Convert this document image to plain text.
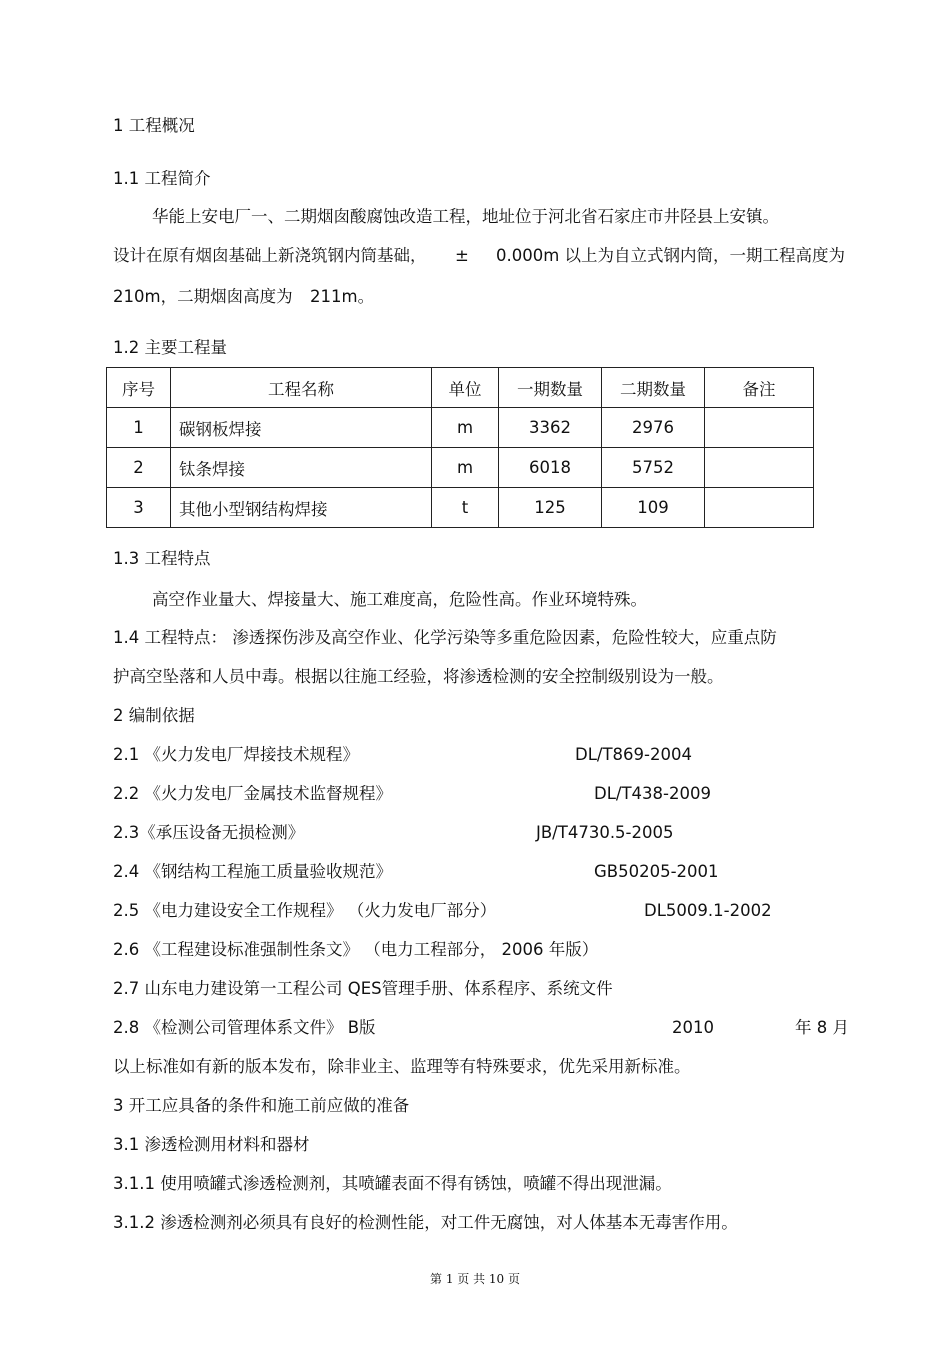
1 工程概况
1.1 工程简介
华能上安电厂一、二期烟囱酸腐蚀改造工程，地址位于河北省石家庄市井陉县上安镇。
设计在原有烟囱基础上新浇筑钢内筒基础， ± 0.000m 以上为自立式钢内筒，一期工程高度为
210m，二期烟囱高度为 211m。
1.2 主要工程量
序号	工程名称	单位	一期数量	二期数量	备注
1	碳钢板焊接	m	3362	2976	
2	钛条焊接	m	6018	5752	
3	其他小型钢结构焊接	t	125	109	
1.3 工程特点
高空作业量大、焊接量大、施工难度高，危险性高。作业环境特殊。
1.4 工程特点： 渗透探伤涉及高空作业、化学污染等多重危险因素，危险性较大，应重点防
护高空坠落和人员中毒。根据以往施工经验，将渗透检测的安全控制级别设为一般。
2 编制依据
2.1 《火力发电厂焊接技术规程》	DL/T869-2004
2.2 《火力发电厂金属技术监督规程》	DL/T438-2009
2.3《承压设备无损检测》	JB/T4730.5-2005
2.4 《钢结构工程施工质量验收规范》	GB50205-2001
2.5 《电力建设安全工作规程》 （火力发电厂部分）	DL5009.1-2002
2.6 《工程建设标准强制性条文》 （电力工程部分， 2006 年版）
2.7 山东电力建设第一工程公司 QES管理手册、体系程序、系统文件
2.8 《检测公司管理体系文件》 B版	2010	年 8 月
以上标准如有新的版本发布，除非业主、监理等有特殊要求，优先采用新标准。
3 开工应具备的条件和施工前应做的准备
3.1 渗透检测用材料和器材
3.1.1 使用喷罐式渗透检测剂，其喷罐表面不得有锈蚀，喷罐不得出现泄漏。
3.1.2 渗透检测剂必须具有良好的检测性能，对工件无腐蚀，对人体基本无毒害作用。
第 1 页 共 10 页
